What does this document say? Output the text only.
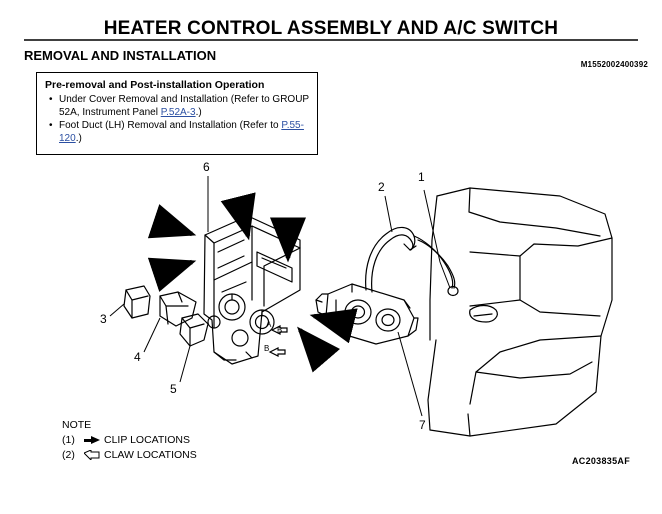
HEATER CONTROL ASSEMBLY AND A/C SWITCH
REMOVAL AND INSTALLATION
M1552002400392
AC203835AF
Pre-removal and Post-installation Operation
• Under Cover Removal and Installation (Refer to GROUP 52A, Instrument Panel P.52A-3.)
• Foot Duct (LH) Removal and Installation (Refer to P.55-120.)
1
2
3
4
5
6
7
A
B
B
NOTE
(1)	CLIP LOCATIONS
(2)	CLAW LOCATIONS
